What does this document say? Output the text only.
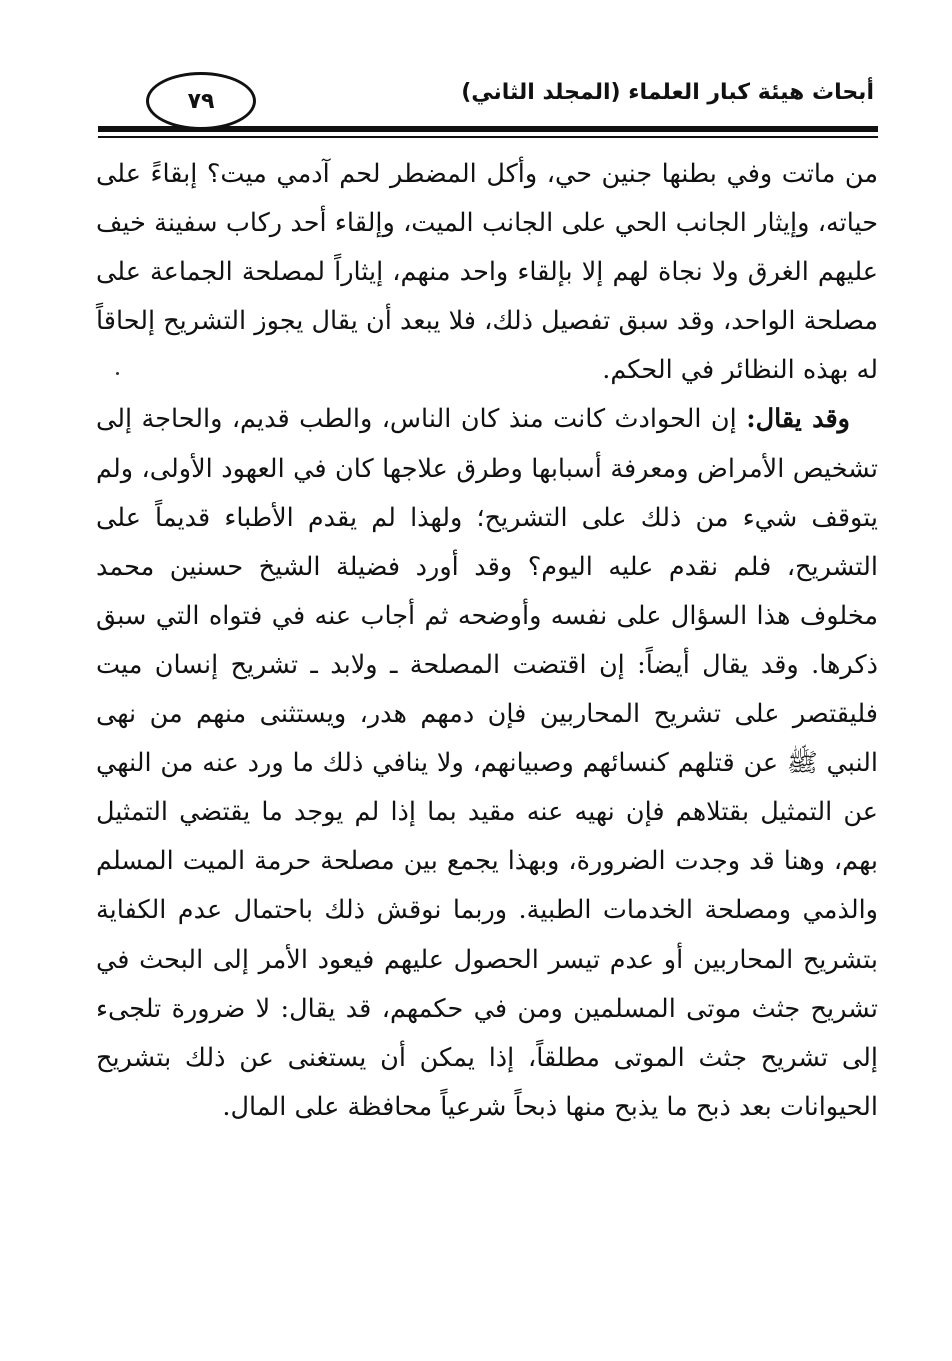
أبحاث هيئة كبار العلماء (المجلد الثاني)
٧٩

من ماتت وفي بطنها جنين حي، وأكل المضطر لحم آدمي ميت؟ إبقاءً على حياته، وإيثار الجانب الحي على الجانب الميت، وإلقاء أحد ركاب سفينة خيف عليهم الغرق ولا نجاة لهم إلا بإلقاء واحد منهم، إيثاراً لمصلحة الجماعة على مصلحة الواحد، وقد سبق تفصيل ذلك، فلا يبعد أن يقال يجوز التشريح إلحاقاً له بهذه النظائر في الحكم.

وقد يقال: إن الحوادث كانت منذ كان الناس، والطب قديم، والحاجة إلى تشخيص الأمراض ومعرفة أسبابها وطرق علاجها كان في العهود الأولى، ولم يتوقف شيء من ذلك على التشريح؛ ولهذا لم يقدم الأطباء قديماً على التشريح، فلم نقدم عليه اليوم؟ وقد أورد فضيلة الشيخ حسنين محمد مخلوف هذا السؤال على نفسه وأوضحه ثم أجاب عنه في فتواه التي سبق ذكرها. وقد يقال أيضاً: إن اقتضت المصلحة ـ ولابد ـ تشريح إنسان ميت فليقتصر على تشريح المحاربين فإن دمهم هدر، ويستثنى منهم من نهى النبي ﷺ عن قتلهم كنسائهم وصبيانهم، ولا ينافي ذلك ما ورد عنه من النهي عن التمثيل بقتلاهم فإن نهيه عنه مقيد بما إذا لم يوجد ما يقتضي التمثيل بهم، وهنا قد وجدت الضرورة، وبهذا يجمع بين مصلحة حرمة الميت المسلم والذمي ومصلحة الخدمات الطبية. وربما نوقش ذلك باحتمال عدم الكفاية بتشريح المحاربين أو عدم تيسر الحصول عليهم فيعود الأمر إلى البحث في تشريح جثث موتى المسلمين ومن في حكمهم، قد يقال: لا ضرورة تلجىء إلى تشريح جثث الموتى مطلقاً، إذا يمكن أن يستغنى عن ذلك بتشريح الحيوانات بعد ذبح ما يذبح منها ذبحاً شرعياً محافظة على المال.
